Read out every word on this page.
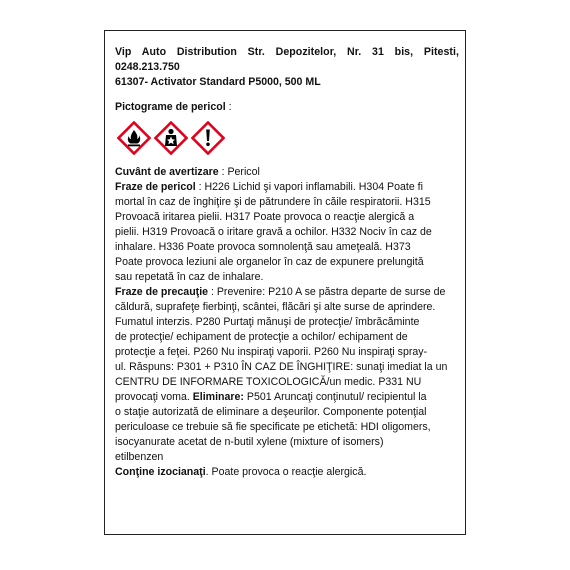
Vip Auto Distribution Str. Depozitelor, Nr. 31 bis, Pitesti,
0248.213.750
61307- Activator Standard P5000, 500 ML
Pictograme de pericol :
Cuvânt de avertizare : Pericol
Fraze de pericol : H226 Lichid şi vapori inflamabili. H304 Poate fi
mortal în caz de înghiţire şi de pătrundere în căile respiratorii. H315
Provoacă iritarea pielii. H317 Poate provoca o reacţie alergică a
pielii. H319 Provoacă o iritare gravă a ochilor. H332 Nociv în caz de
inhalare. H336 Poate provoca somnolenţă sau ameţeală. H373
Poate provoca leziuni ale organelor în caz de expunere prelungită
sau repetată în caz de inhalare.
Fraze de precauţie : Prevenire: P210 A se păstra departe de surse de
căldură, suprafeţe fierbinţi, scântei, flăcări şi alte surse de aprindere.
Fumatul interzis. P280 Purtaţi mănuşi de protecţie/ îmbrăcăminte
de protecţie/ echipament de protecţie a ochilor/ echipament de
protecţie a feţei. P260 Nu inspiraţi vaporii. P260 Nu inspiraţi spray-
ul. Răspuns: P301 + P310 ÎN CAZ DE ÎNGHIŢIRE: sunaţi imediat la un
CENTRU DE INFORMARE TOXICOLOGICĂ/un medic. P331 NU
provocaţi voma. Eliminare: P501 Aruncaţi conţinutul/ recipientul la
o staţie autorizată de eliminare a deşeurilor. Componente potenţial
periculoase ce trebuie să fie specificate pe etichetă: HDI oligomers,
isocyanurate acetat de n-butil xylene (mixture of isomers)
etilbenzen
Conţine izocianaţi. Poate provoca o reacţie alergică.
